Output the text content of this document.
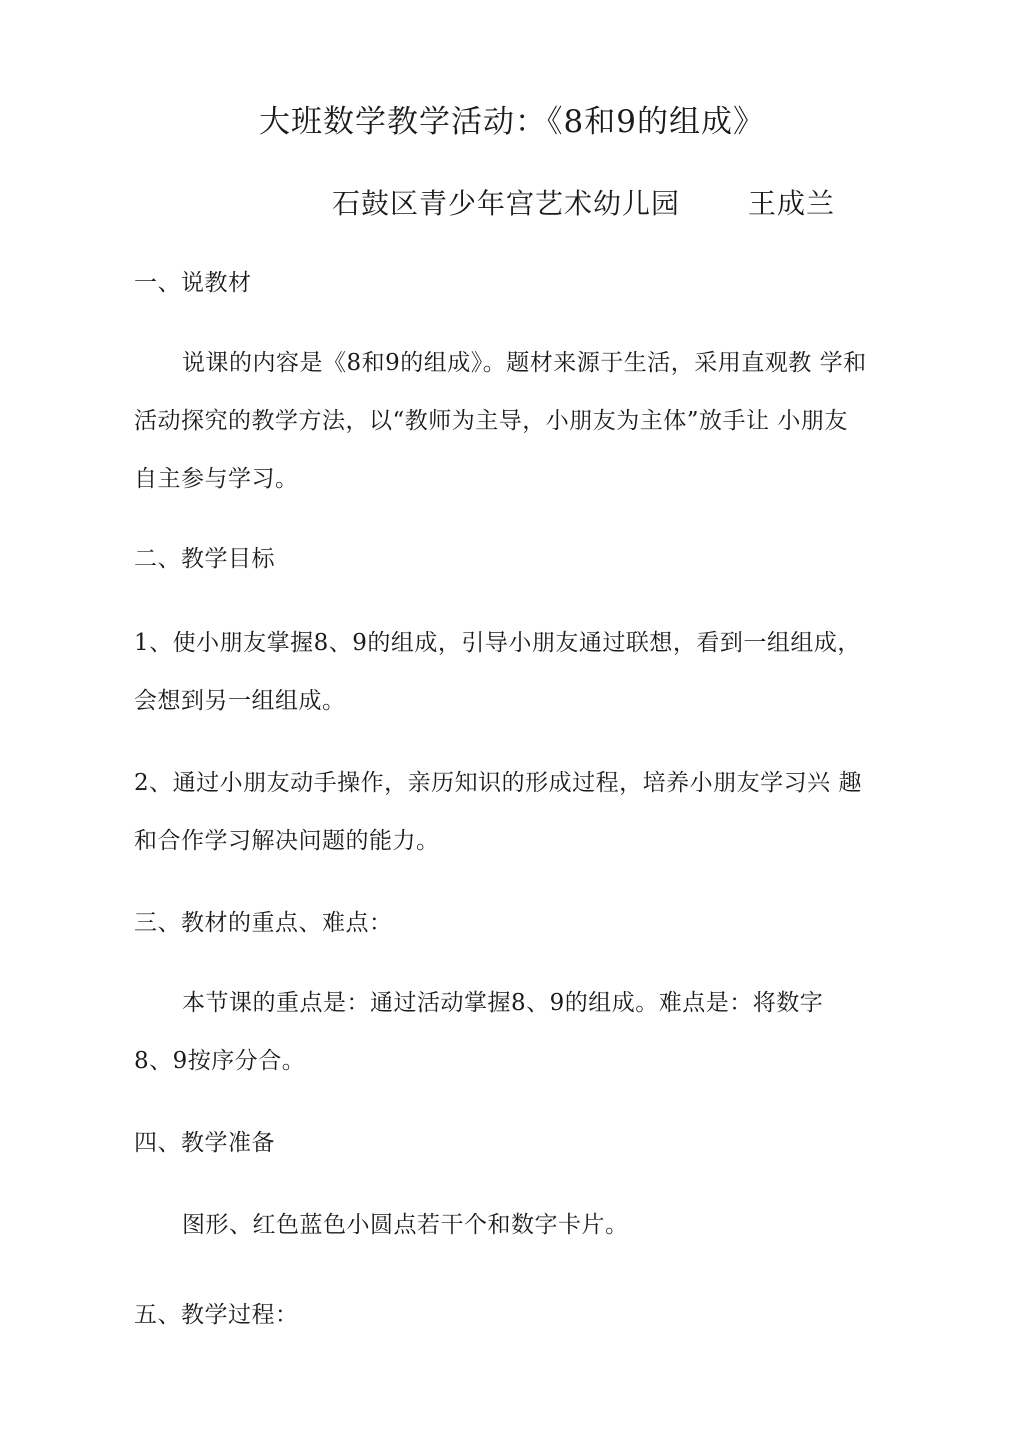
大班数学教学活动：《8和9的组成》
石鼓区青少年宫艺术幼儿园 王成兰
一、说教材
说课的内容是《8和9的组成》。题材来源于生活，采用直观教 学和
活动探究的教学方法，以“教师为主导，小朋友为主体”放手让 小朋友
自主参与学习。
二、教学目标
1、使小朋友掌握8、9的组成，引导小朋友通过联想，看到一组组成，
会想到另一组组成。
2、通过小朋友动手操作，亲历知识的形成过程，培养小朋友学习兴 趣
和合作学习解决问题的能力。
三、教材的重点、难点：
本节课的重点是：通过活动掌握8、9的组成。难点是：将数字
8、9按序分合。
四、教学准备
图形、红色蓝色小圆点若干个和数字卡片。
五、教学过程：
